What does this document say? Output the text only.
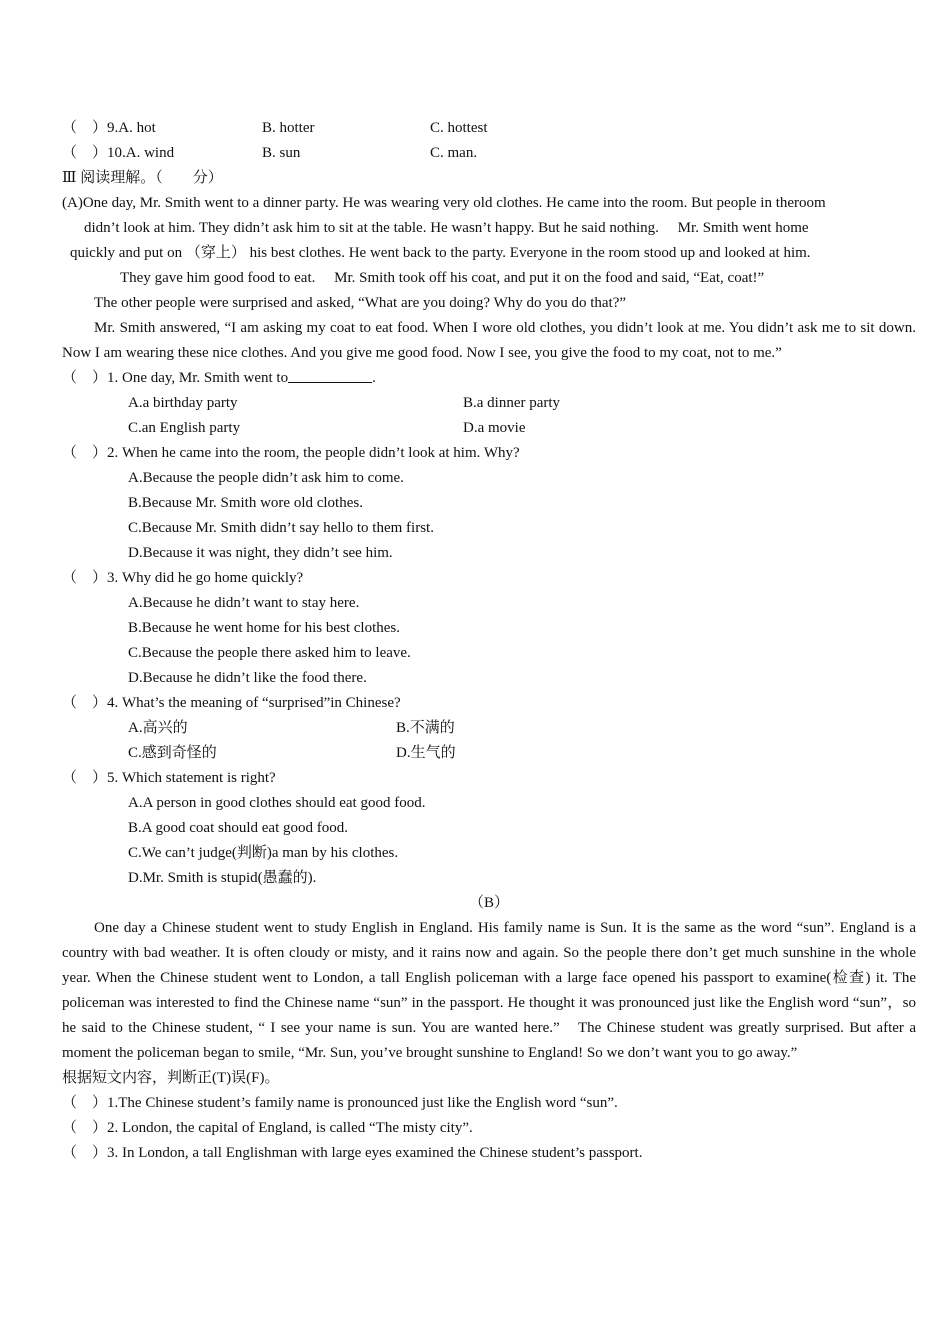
（　）9.A. hot	B. hotter	C. hottest
（　）10.A. wind	B. sun	C. man.
Ⅲ 阅读理解。（　　分）
(A)One day, Mr. Smith went to a dinner party. He was wearing very old clothes. He came into the room. But people in theroom
didn’t look at him. They didn’t ask him to sit at the table. He wasn’t happy. But he said nothing.　 Mr. Smith went home
quickly and put on （穿上） his best clothes. He went back to the party. Everyone in the room stood up and looked at him.
They gave him good food to eat.　 Mr. Smith took off his coat, and put it on the food and said, “Eat, coat!”

The other people were surprised and asked, “What are you doing? Why do you do that?”

Mr. Smith answered, “I am asking my coat to eat food. When I wore old clothes, you didn’t look at me. You didn’t ask me to sit down. Now I am wearing these nice clothes. And you give me good food. Now I see, you give the food to my coat, not to me.”

（　）1. One day, Mr. Smith went to	.
A.a birthday party	B.a dinner party
C.an English party	D.a movie
（　）2. When he came into the room, the people didn’t look at him. Why?
A.Because the people didn’t ask him to come.
B.Because Mr. Smith wore old clothes.
C.Because Mr. Smith didn’t say hello to them first.
D.Because it was night, they didn’t see him.
（　）3. Why did he go home quickly?
A.Because he didn’t want to stay here.
B.Because he went home for his best clothes.
C.Because the people there asked him to leave.
D.Because he didn’t like the food there.
（　）4. What’s the meaning of “surprised”in Chinese?
A.高兴的	B.不满的
C.感到奇怪的	D.生气的
（　）5. Which statement is right?
A.A person in good clothes should eat good food.
B.A good coat should eat good food.
C.We can’t judge(判断)a man by his clothes.
D.Mr. Smith is stupid(愚蠢的).
（B）

One day a Chinese student went to study English in England. His family name is Sun. It is the same as the word “sun”. England is a country with bad weather. It is often cloudy or misty, and it rains now and again. So the people there don’t get much sunshine in the whole year. When the Chinese student went to London, a tall English policeman with a large face opened his passport to examine(检查) it. The policeman was interested to find the Chinese name “sun” in the passport. He thought it was pronounced just like the English word “sun”，so he said to the Chinese student, “ I see your name is sun. You are wanted here.”　The Chinese student was greatly surprised. But after a moment the policeman began to smile, “Mr. Sun, you’ve brought sunshine to England! So we don’t want you to go away.”

根据短文内容，判断正(T)误(F)。
（　）1.The Chinese student’s family name is pronounced just like the English word “sun”.
（　）2. London, the capital of England, is called “The misty city”.
（　）3. In London, a tall Englishman with large eyes examined the Chinese student’s passport.
